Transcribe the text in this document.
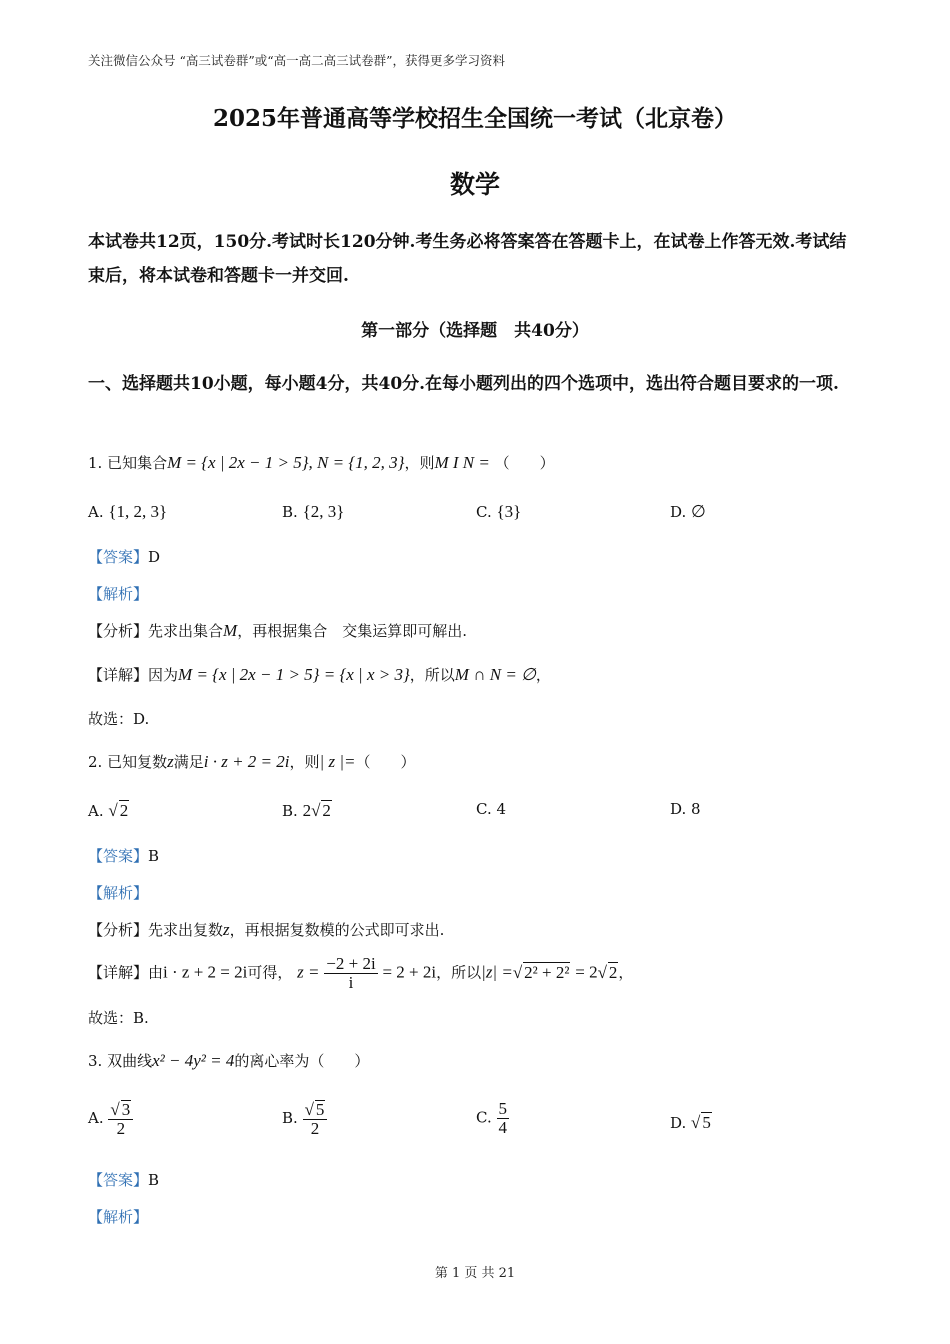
关注微信公众号 “高三试卷群”或“高一高二高三试卷群”，获得更多学习资料
2025年普通高等学校招生全国统一考试（北京卷）
数学
本试卷共12页，150分.考试时长120分钟.考生务必将答案答在答题卡上，在试卷上作答无效.考试结束后，将本试卷和答题卡一并交回.
第一部分（选择题　共40分）
一、选择题共10小题，每小题4分，共40分.在每小题列出的四个选项中，选出符合题目要求的一项.
1. 已知集合M = {x | 2x − 1 > 5}, N = {1, 2, 3}，则M I N = （　　）
A. {1, 2, 3}	B. {2, 3}	C. {3}	D. ∅
【答案】D
【解析】
【分析】先求出集合M，再根据集合　交集运算即可解出.
【详解】因为M = {x | 2x − 1 > 5} = {x | x > 3}，所以M ∩ N = ∅，
故选：D.
2. 已知复数z满足i · z + 2 = 2i，则| z |=（　　）
A. √ 2	B. 2√ 2	C. 4	D. 8
【答案】B
【解析】
【分析】先求出复数z，再根据复数模的公式即可求出.
【详解】由i · z + 2 = 2i可得， $z = \frac{-2 + 2i}{i} = 2 + 2i$，所以|z| =√ 2² + 2² = 2√ 2，
故选：B.
3. 双曲线x² − 4y² = 4的离心率为（　　）
A. $\frac{√ 3}{2}$	B. $\frac{√ 5}{2}$	C. $\frac{5}{4}$	D. √ 5
【答案】B
【解析】
第 1 页 共 21
